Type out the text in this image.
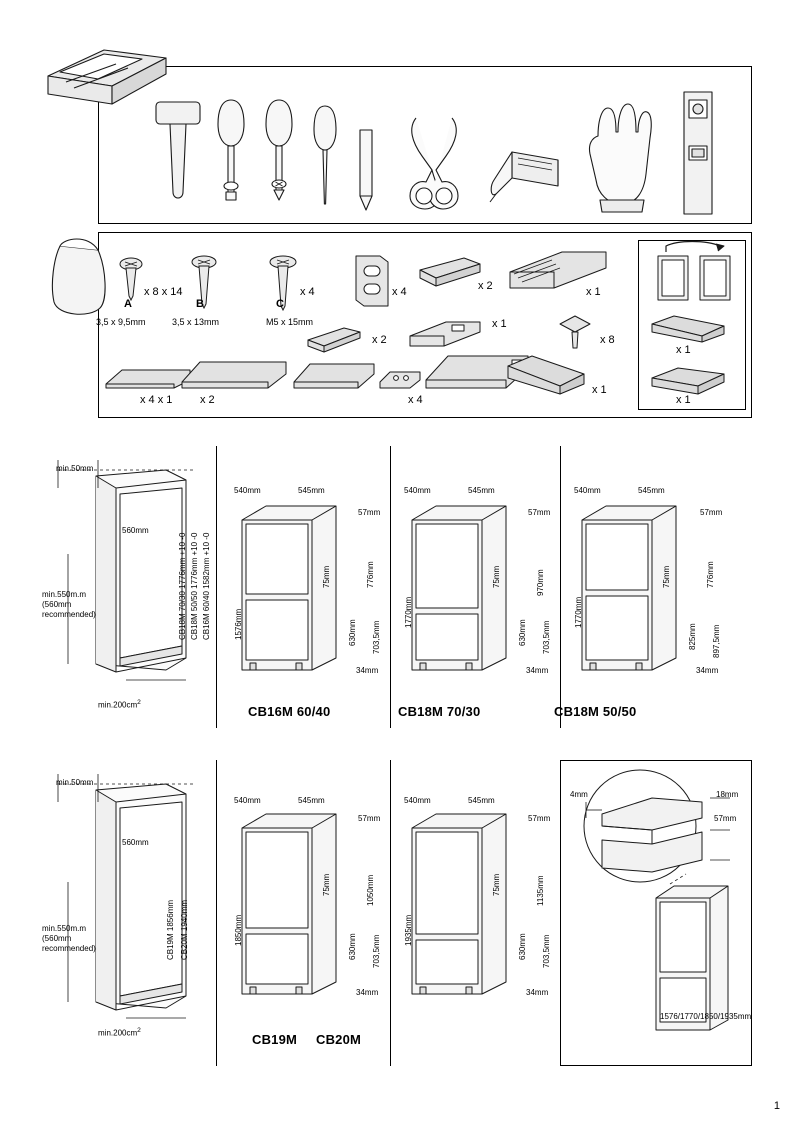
A
x 8 x 14
3,5 x 9,5mm
B
3,5 x 13mm
C
x 4
M5 x 15mm
x 4	x 2	x 1
x 2
x 1
x 8
x 4 x 1	x 2	x 4
x 1
x 1
x 1
min.50mm
560mm
min.550m.m
(560mm
recommended)
$\min.200cm^2$
CB18M 70/30 1776mm +10 -0 CB18M 50/50 1776mm +10 -0 CB16M 60/40 1582mm +10 -0
540mm	545mm
57mm
1576mm
776mm
75mm
630mm 703,5mm
34mm
540mm	545mm
57mm
1770mm
970mm
75mm
630mm 703,5mm
34mm
540mm	545mm
57mm
1770mm
776mm
75mm
825mm 897,5mm
34mm
CB16M 60/40	CB18M 70/30	CB18M 50/50
min.50mm
560mm
min.550m.m
(560mm
recommended)
$\min.200cm^2$
CB19M 1856mm CB20M 1940mm
540mm	545mm
57mm
1850mm
1050mm
75mm
630mm 703,5mm
34mm
540mm	545mm
57mm
1935mm
1135mm
75mm
630mm 703,5mm
34mm
CB19M CB20M
4mm	18mm
57mm
1576/1770/1850/1935mm
1
